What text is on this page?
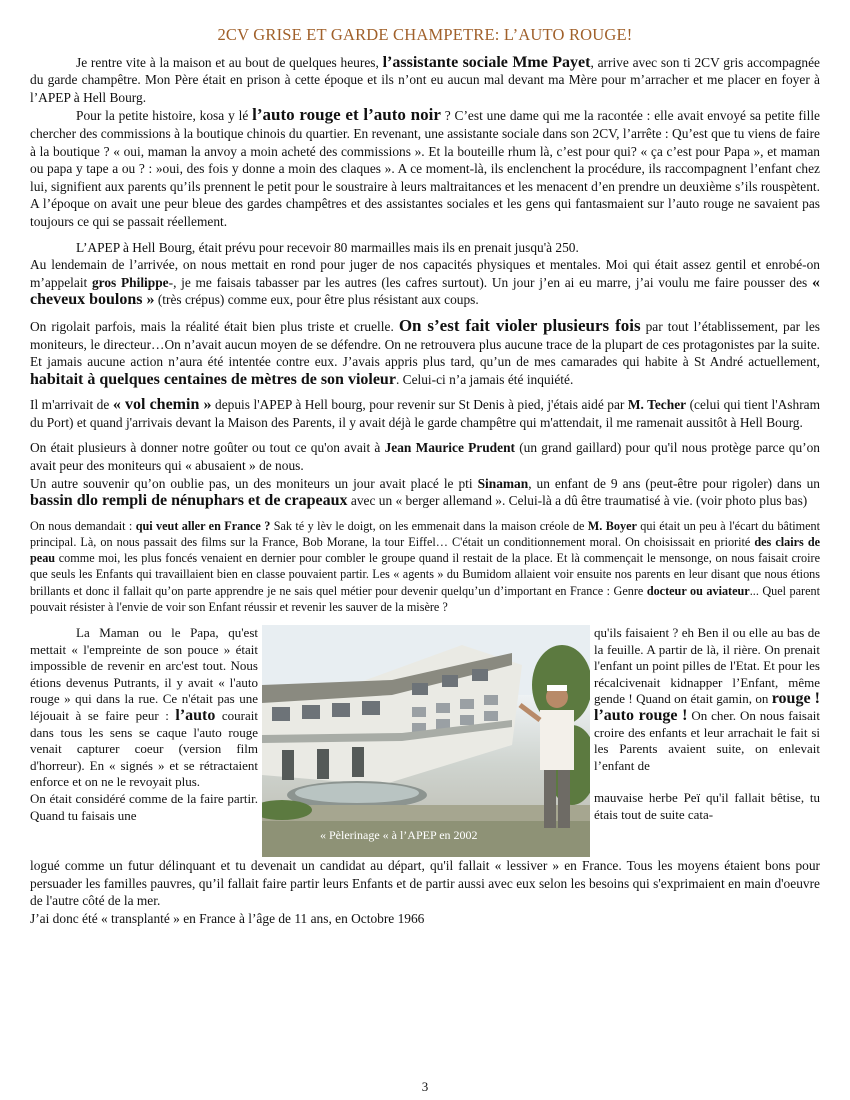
2CV GRISE ET GARDE CHAMPETRE: L’AUTO ROUGE!

Je rentre vite à la maison et au bout de quelques heures, l’assistante sociale Mme Payet, arrive avec son ti 2CV gris accompagnée du garde champêtre. Mon Père était en prison à cette époque et ils n’ont eu aucun mal devant ma Mère pour m’arracher et me placer en foyer à l’APEP à Hell Bourg.

Pour la petite histoire, kosa y lé l’auto rouge et l’auto noir ? C’est une dame qui me la racontée : elle avait envoyé sa petite fille chercher des commissions à la boutique chinois du quartier. En revenant, une assistante sociale dans son 2CV, l’arrête : Qu’est que tu viens de faire à la boutique ? « oui, maman la anvoy a moin acheté des commissions ». Et la bouteille rhum là, c’est pour qui? « ça c’est pour Papa », et maman ou papa y tape a ou ? : »oui, des fois y donne a moin des claques ». A ce moment-là, ils enclenchent la procédure, ils raccompagnent l’enfant chez lui, signifient aux parents qu’ils prennent le petit pour le soustraire à leurs maltraitances et les menacent d’en prendre un deuxième s’ils rouspètent. A l’époque on avait une peur bleue des gardes champêtres et des assistantes sociales et les gens qui fantasmaient sur l’auto rouge ne savaient pas toujours ce qui se passait réellement.

L’APEP à Hell Bourg, était prévu pour recevoir 80 marmailles mais ils en prenait jusqu'à 250.

Au lendemain de l’arrivée, on nous mettait en rond pour juger de nos capacités physiques et mentales. Moi qui était assez gentil et enrobé-on m’appelait gros Philippe-, je me faisais tabasser par les autres (les cafres surtout). Un jour j’en ai eu marre, j’ai voulu me faire pousser des « cheveux boulons » (très crépus) comme eux, pour être plus résistant aux coups.

On rigolait parfois, mais la réalité était bien plus triste et cruelle. On s’est fait violer plusieurs fois par tout l’établissement, par les moniteurs, le directeur…On n’avait aucun moyen de se défendre. On ne retrouvera plus aucune trace de la plupart de ces protagonistes par la suite. Et jamais aucune action n’aura été intentée contre eux. J’avais appris plus tard, qu’un de mes camarades qui habite à St André actuellement, habitait à quelques centaines de mètres de son violeur. Celui-ci n’a jamais été inquiété.

Il m'arrivait de « vol chemin » depuis l'APEP à Hell bourg, pour revenir sur St Denis à pied, j'étais aidé par M. Techer (celui qui tient l'Ashram du Port) et quand j'arrivais devant la Maison des Parents, il y avait déjà le garde champêtre qui m'attendait, il me ramenait aussitôt à Hell Bourg.

On était plusieurs à donner notre goûter ou tout ce qu'on avait à Jean Maurice Prudent (un grand gaillard) pour qu'il nous protège parce qu’on avait peur des moniteurs qui « abusaient » de nous.

Un autre souvenir qu’on oublie pas, un des moniteurs un jour avait placé le pti Sinaman, un enfant de 9 ans (peut-être pour rigoler) dans un bassin dlo rempli de nénuphars et de crapeaux avec un « berger allemand ». Celui-là a dû être traumatisé à vie. (voir photo plus bas)

On nous demandait : qui veut aller en France ? Sak té y lèv le doigt, on les emmenait dans la maison créole de M. Boyer qui était un peu à l'écart du bâtiment principal. Là, on nous passait des films sur la France, Bob Morane, la tour Eiffel… C'était un conditionnement moral. On choisissait en priorité des clairs de peau comme moi, les plus foncés venaient en dernier pour combler le groupe quand il restait de la place. Et là commençait le mensonge, on nous faisait croire que seuls les Enfants qui travaillaient bien en classe pouvaient partir. Les « agents » du Bumidom allaient voir ensuite nos parents en leur disant que nous étions brillants et donc il fallait qu’on parte apprendre je ne sais quel métier pour devenir quelqu’un d’important en France : Genre docteur ou aviateur... Quel parent pouvait résister à l'envie de voir son Enfant réussir et revenir les sauver de la misère ?

La Maman ou le Papa, qu'est mettait « l'empreinte de son pouce » était impossible de revenir en arc'est tout. Nous étions devenus Putrants, il y avait « l'auto rouge » qui dans la rue. Ce n'était pas une léjouait à se faire peur : l’auto courait dans tous les sens se caque l'auto rouge venait capturer coeur (version film d'horreur). En « signés » et se rétractaient enforce et on ne le revoyait plus.

On était considéré comme de la faire partir. Quand tu faisais une

« Pèlerinage « à l’APEP en 2002

qu'ils faisaient ? eh Ben il ou elle au bas de la feuille. A partir de là, il rière. On prenait l'enfant un point pilles de l'Etat. Et pour les récalcivenait kidnapper l’Enfant, même gende ! Quand on était gamin, on rouge ! l’auto rouge ! On cher. On nous faisait croire des enfants et leur arrachait le fait si les Parents avaient suite, on enlevait l’enfant de

mauvaise herbe Peï qu'il fallait bêtise, tu étais tout de suite cata-

logué comme un futur délinquant et tu devenait un candidat au départ, qu'il fallait « lessiver » en France. Tous les moyens étaient bons pour persuader les familles pauvres, qu’il fallait faire partir leurs Enfants et de partir aussi avec eux selon les besoins qui s'exprimaient en main d'oeuvre de l'autre côté de la mer.

J’ai donc été « transplanté » en France à l’âge de 11 ans, en Octobre 1966

3
